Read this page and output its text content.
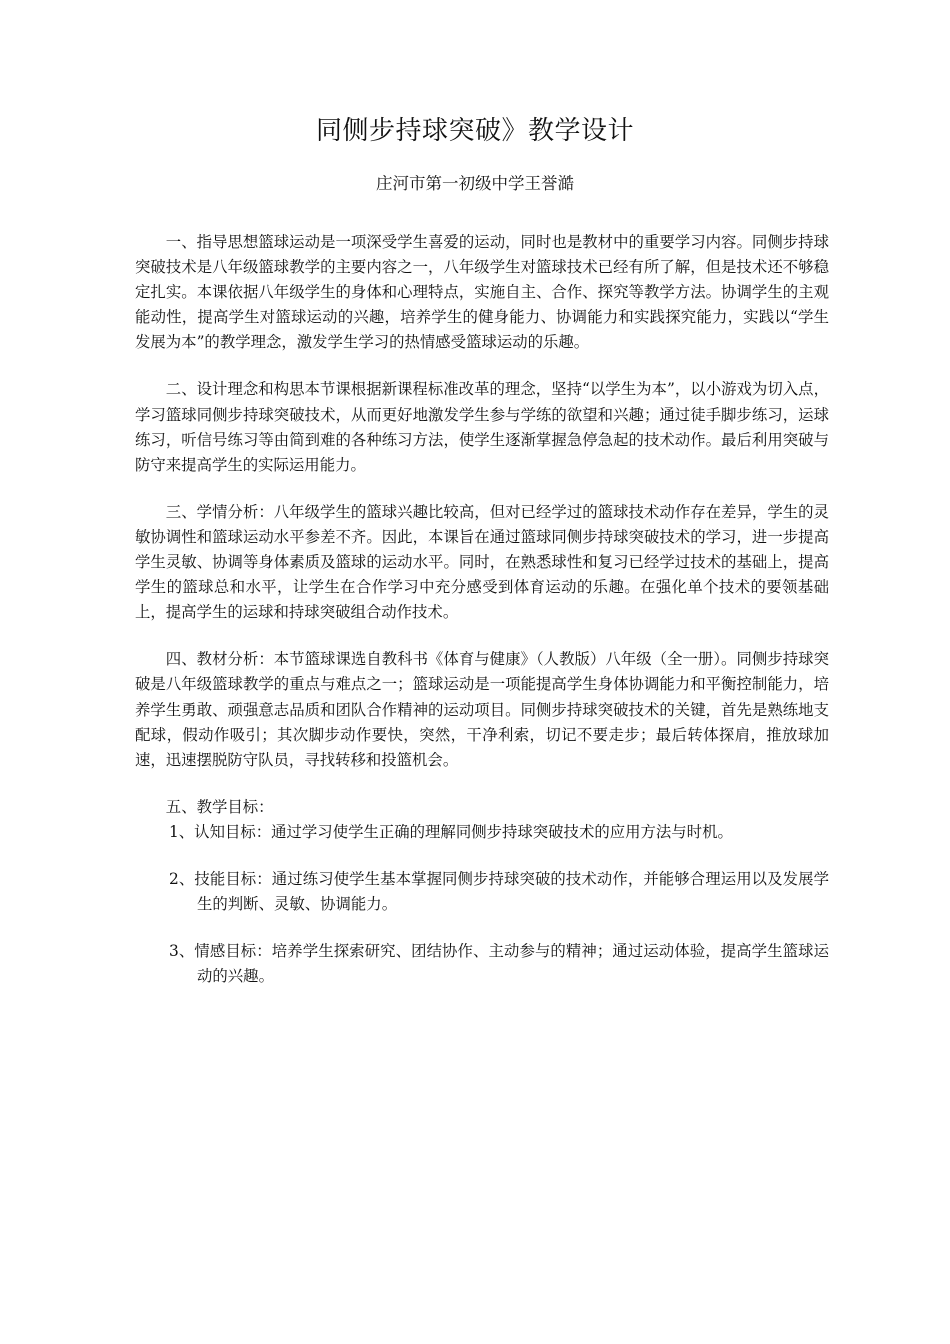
同侧步持球突破》教学设计
庄河市第一初级中学王誉澔

一、指导思想篮球运动是一项深受学生喜爱的运动，同时也是教材中的重要学习内容。同侧步持球突破技术是八年级篮球教学的主要内容之一，八年级学生对篮球技术已经有所了解，但是技术还不够稳定扎实。本课依据八年级学生的身体和心理特点，实施自主、合作、探究等教学方法。协调学生的主观能动性，提高学生对篮球运动的兴趣，培养学生的健身能力、协调能力和实践探究能力，实践以“学生发展为本”的教学理念，激发学生学习的热情感受篮球运动的乐趣。

二、设计理念和构思本节课根据新课程标准改革的理念，坚持“以学生为本”，以小游戏为切入点，学习篮球同侧步持球突破技术，从而更好地激发学生参与学练的欲望和兴趣；通过徒手脚步练习，运球练习，听信号练习等由简到难的各种练习方法，使学生逐渐掌握急停急起的技术动作。最后利用突破与防守来提高学生的实际运用能力。

三、学情分析：八年级学生的篮球兴趣比较高，但对已经学过的篮球技术动作存在差异，学生的灵敏协调性和篮球运动水平参差不齐。因此，本课旨在通过篮球同侧步持球突破技术的学习，进一步提高学生灵敏、协调等身体素质及篮球的运动水平。同时，在熟悉球性和复习已经学过技术的基础上，提高学生的篮球总和水平，让学生在合作学习中充分感受到体育运动的乐趣。在强化单个技术的要领基础上，提高学生的运球和持球突破组合动作技术。

四、教材分析：本节篮球课选自教科书《体育与健康》（人教版）八年级（全一册）。同侧步持球突破是八年级篮球教学的重点与难点之一；篮球运动是一项能提高学生身体协调能力和平衡控制能力，培养学生勇敢、顽强意志品质和团队合作精神的运动项目。同侧步持球突破技术的关键，首先是熟练地支配球，假动作吸引；其次脚步动作要快，突然，干净利索，切记不要走步；最后转体探肩，推放球加速，迅速摆脱防守队员，寻找转移和投篮机会。

五、教学目标：

1、认知目标：通过学习使学生正确的理解同侧步持球突破技术的应用方法与时机。

2、技能目标：通过练习使学生基本掌握同侧步持球突破的技术动作，并能够合理运用以及发展学生的判断、灵敏、协调能力。

3、情感目标：培养学生探索研究、团结协作、主动参与的精神；通过运动体验，提高学生篮球运动的兴趣。
